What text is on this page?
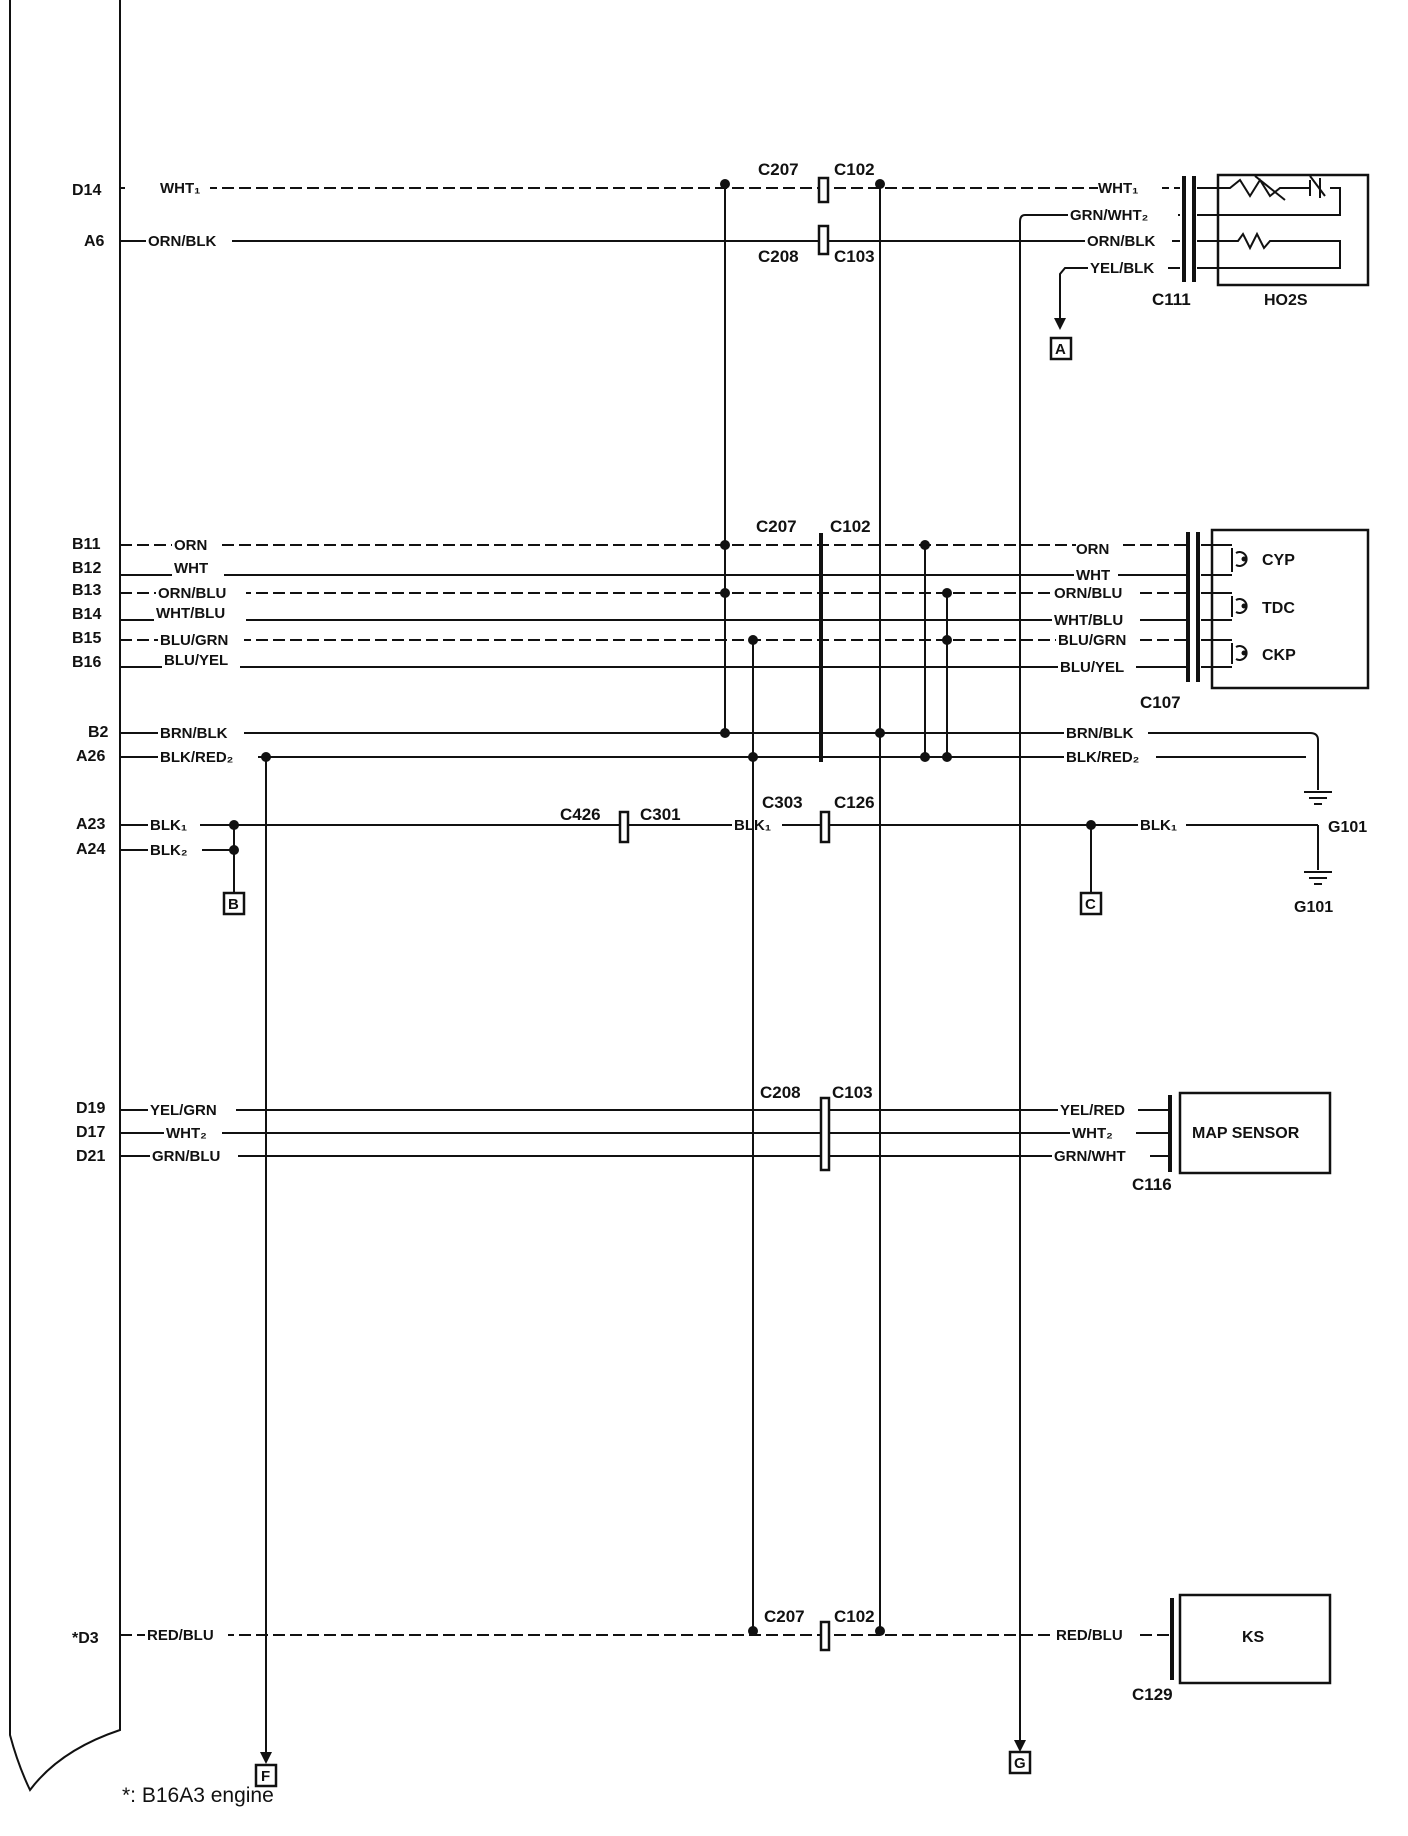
D14
A6
B11
B12
B13
B14
B15
B16
B2
A26
A23
A24
D19
D17
D21
*D3
WHT₁
ORN/BLK
WHT₁
GRN/WHT₂
ORN/BLK
YEL/BLK
C207 C102
C208 C103
C111	HO2S
A
ORN
WHT
ORN/BLU
WHT/BLU
BLU/GRN
BLU/YEL
ORN
WHT
ORN/BLU
WHT/BLU
BLU/GRN
BLU/YEL
C207 C102
C107
CYP
TDC
CKP
BRN/BLK
BLK/RED₂
BRN/BLK
BLK/RED₂
G101
BLK₁
BLK₂
BLK₁	BLK₁
C426 C301
C303 C126
G101
B	C
YEL/GRN
WHT₂
GRN/BLU
YEL/RED
WHT₂
GRN/WHT
C208 C103
C116
MAP SENSOR
RED/BLU	RED/BLU
C207 C102
C129
KS
F
G
*: B16A3 engine
